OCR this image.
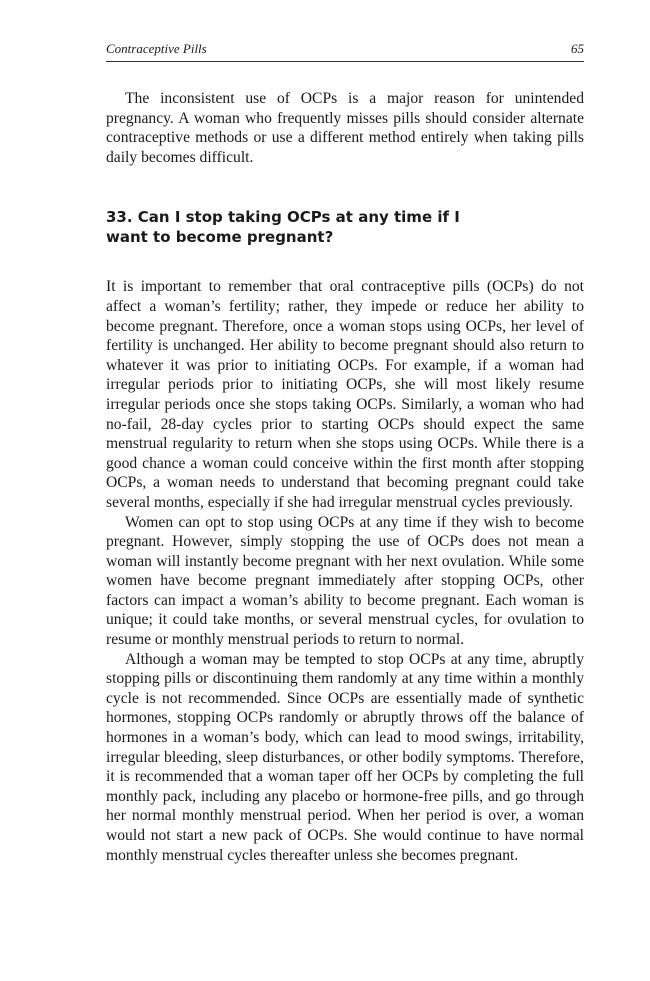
Contraceptive Pills	65

The inconsistent use of OCPs is a major reason for unintended pregnancy. A woman who frequently misses pills should consider alternate contraceptive methods or use a different method entirely when taking pills daily becomes difficult.

33. Can I stop taking OCPs at any time if I want to become pregnant?

It is important to remember that oral contraceptive pills (OCPs) do not affect a woman’s fertility; rather, they impede or reduce her ability to become pregnant. Therefore, once a woman stops using OCPs, her level of fertility is unchanged. Her ability to become pregnant should also return to whatever it was prior to initiating OCPs. For example, if a woman had irregular periods prior to initiating OCPs, she will most likely resume irregular periods once she stops taking OCPs. Similarly, a woman who had no-fail, 28-day cycles prior to starting OCPs should expect the same menstrual regularity to return when she stops using OCPs. While there is a good chance a woman could conceive within the first month after stopping OCPs, a woman needs to understand that becoming pregnant could take several months, especially if she had irregular menstrual cycles previously.

Women can opt to stop using OCPs at any time if they wish to become pregnant. However, simply stopping the use of OCPs does not mean a woman will instantly become pregnant with her next ovulation. While some women have become pregnant immediately after stopping OCPs, other factors can impact a woman’s ability to become pregnant. Each woman is unique; it could take months, or several menstrual cycles, for ovulation to resume or monthly menstrual periods to return to normal.

Although a woman may be tempted to stop OCPs at any time, abruptly stopping pills or discontinuing them randomly at any time within a monthly cycle is not recommended. Since OCPs are essentially made of synthetic hormones, stopping OCPs randomly or abruptly throws off the balance of hormones in a woman’s body, which can lead to mood swings, irritability, irregular bleeding, sleep disturbances, or other bodily symptoms. Therefore, it is recommended that a woman taper off her OCPs by completing the full monthly pack, including any placebo or hormone-free pills, and go through her normal monthly menstrual period. When her period is over, a woman would not start a new pack of OCPs. She would continue to have normal monthly menstrual cycles thereafter unless she becomes pregnant.
